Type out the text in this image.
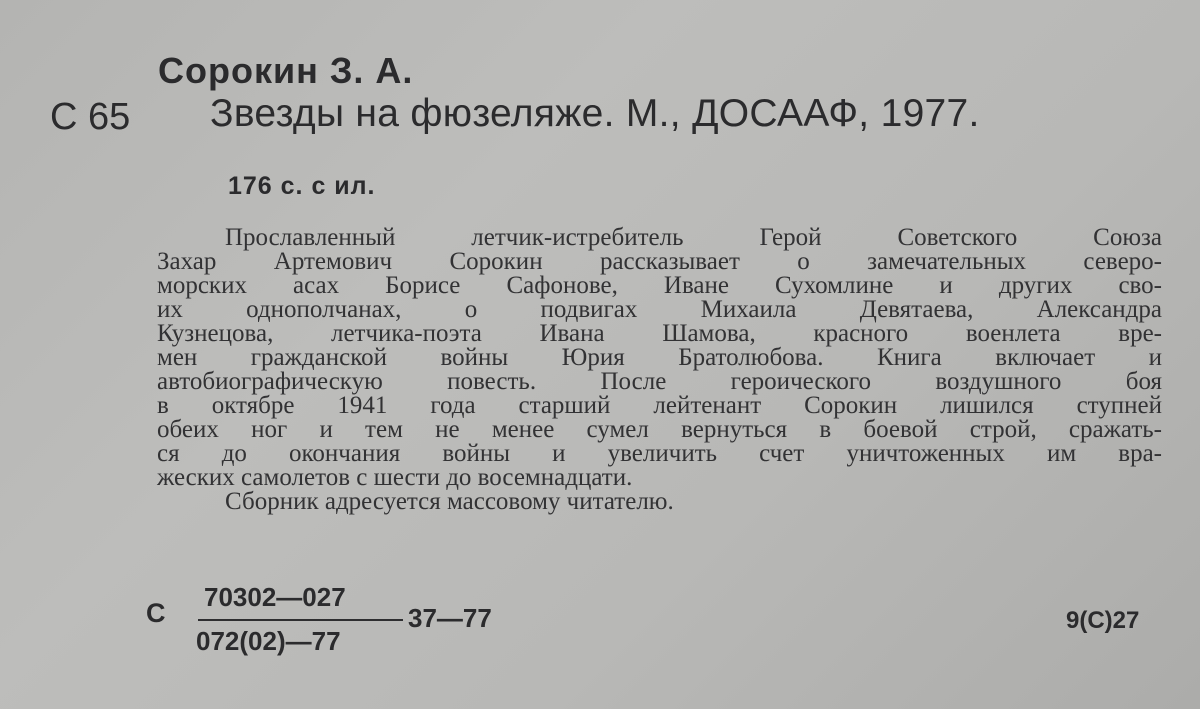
Сорокин З. А.
С 65 Звезды на фюзеляже. М., ДОСААФ, 1977.
176 с. с ил.
Прославленный летчик-истребитель Герой Советского Союза
Захар Артемович Сорокин рассказывает о замечательных северо-
морских асах Борисе Сафонове, Иване Сухомлине и других сво-
их однополчанах, о подвигах Михаила Девятаева, Александра
Кузнецова, летчика-поэта Ивана Шамова, красного военлета вре-
мен гражданской войны Юрия Братолюбова. Книга включает и
автобиографическую повесть. После героического воздушного боя
в октябре 1941 года старший лейтенант Сорокин лишился ступней
обеих ног и тем не менее сумел вернуться в боевой строй, сражать-
ся до окончания войны и увеличить счет уничтоженных им вра-
жеских самолетов с шести до восемнадцати.
Сборник адресуется массовому читателю.
С
70302—027
072(02)—77
37—77	9(С)27
